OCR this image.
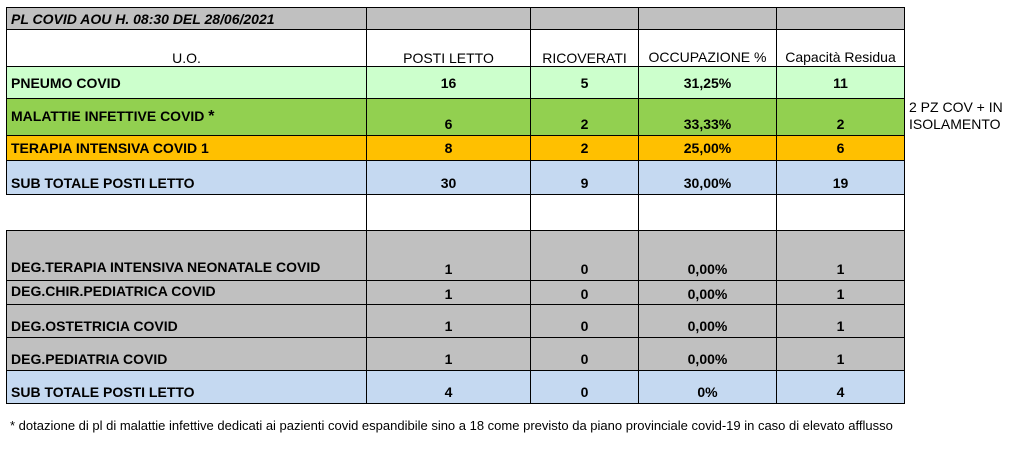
PL COVID AOU H. 08:30 DEL 28/06/2021				
U.O.	POSTI LETTO	RICOVERATI	OCCUPAZIONE %	Capacità Residua
PNEUMO COVID	16	5	31,25%	11
MALATTIE INFETTIVE COVID *	6	2	33,33%	2
TERAPIA INTENSIVA COVID 1	8	2	25,00%	6
SUB TOTALE POSTI LETTO	30	9	30,00%	19

DEG.TERAPIA INTENSIVA NEONATALE COVID	1	0	0,00%	1
DEG.CHIR.PEDIATRICA COVID	1	0	0,00%	1
DEG.OSTETRICIA COVID	1	0	0,00%	1
DEG.PEDIATRIA COVID	1	0	0,00%	1
SUB TOTALE POSTI LETTO	4	0	0%	4
2 PZ COV + IN ISOLAMENTO
* dotazione di pl di malattie infettive dedicati ai pazienti covid espandibile sino a 18 come previsto da piano provinciale covid-19 in caso di elevato afflusso
